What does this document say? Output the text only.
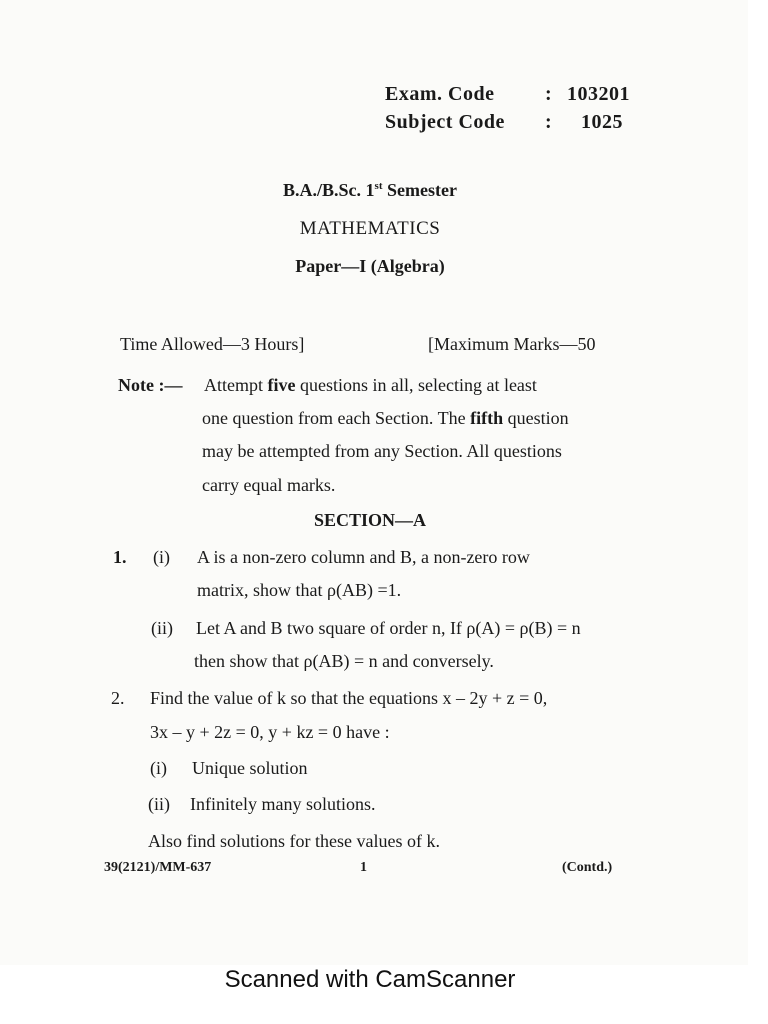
Exam. Code	: 103201
Subject Code	:	1025
B.A./B.Sc. 1st Semester
MATHEMATICS
Paper—I (Algebra)
Time Allowed—3 Hours]	[Maximum Marks—50
Note :— Attempt five questions in all, selecting at least
one question from each Section. The fifth question
may be attempted from any Section. All questions
carry equal marks.
SECTION—A
1. (i) A is a non-zero column and B, a non-zero row
matrix, show that ρ(AB) =1.
(ii) Let A and B two square of order n, If ρ(A) = ρ(B) = n
then show that ρ(AB) = n and conversely.
2. Find the value of k so that the equations x – 2y + z = 0,
3x – y + 2z = 0, y + kz = 0 have :
(i) Unique solution
(ii) Infinitely many solutions.
Also find solutions for these values of k.
39(2121)/MM-637	1	(Contd.)
Scanned with CamScanner
